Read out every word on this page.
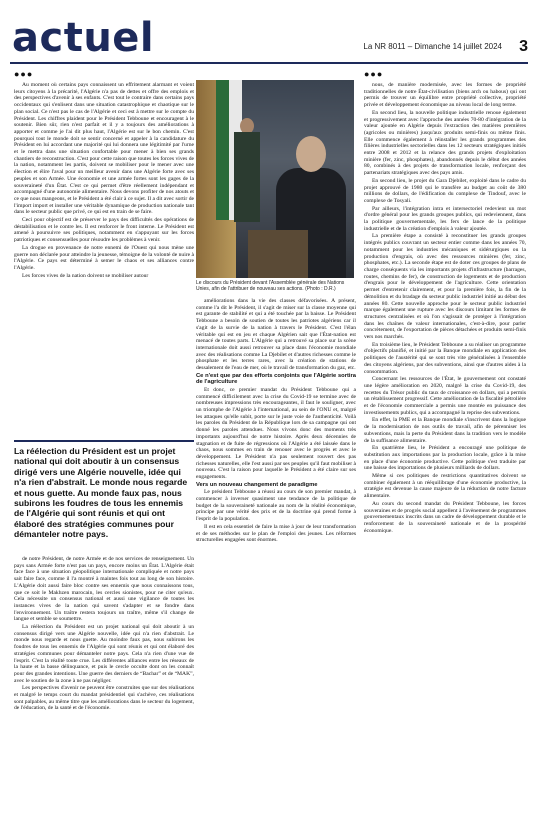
actuel	La NR 8011 – Dimanche 14 juillet 2024 3
●●●	●●●

Au moment où certains pays connaissent un effritement alarmant et voient leurs citoyens à la précarité, l'Algérie n'a pas de dettes et offre des emplois et des perspectives d'avenir à ses enfants. C'est tout le contraire dans certains pays occidentaux qui s'enlisent dans une situation catastrophique et chaotique sur le plan social. Ce n'est pas le cas de l'Algérie et ceci est à mettre sur le compte du Président. Les chiffres plaident pour le Président Tebboune et encouragent à le soutenir. Bien sûr, rien n'est parfait et il y a toujours des améliorations à apporter et comme je l'ai dit plus haut, l'Algérie est sur le bon chemin. C'est pourquoi tout le monde doit se sentir concerné et appeler à la candidature du Président en lui accordant une majorité qui lui donnera une légitimité par l'urne et le mettra dans une situation confortable pour mener à bien ses grands chantiers de reconstruction. C'est pour cette raison que toutes les forces vives de la nation, notamment les partis, doivent se mobiliser pour le mener avec une élection et élire l'aval pour un meilleur avenir dans une Algérie forte avec ses peuples et son Armée. Une économie et une armée fortes sont les gages de la souveraineté d'un État. C'est ce qui permet d'être réellement indépendant et accompagné d'une autonomie alimentaire. Nous devons profiter de nos atouts et ce que nous mangeons, et le Président a été clair à ce sujet. Il a dit avec sortir de l'import import et installer une véritable dynamique de production nationale tant dans le secteur public que privé, ce qui est en train de se faire.

Ceci pour objectif est de préserver le pays des difficultés des opérations de déstabilisation et le contre les. Il est renforcer le front interne. Le Président est amené à poursuivre ses politiques, notamment en s'appuyant sur les forces patriotiques et consensuelles pour résoudre les problèmes à venir.

La drogue en provenance de notre ennemi de l'Ouest qui nous mène une guerre non déclarée pour atteindre la jeunesse, témoigne de la volonté de nuire à l'Algérie. Ce pays est déterminé à semer le chaos et ses alliances contre l'Algérie.

Les forces vives de la nation doivent se mobiliser autour

Le discours du Président devant l'Assemblée générale des Nations Unies, afin de l'attribuer de nouveau ses actions. (Photo : D.R.)
La réélection du Président est un projet national qui doit aboutir à un consensus dirigé vers une Algérie nouvelle, idée qui n'a rien d'abstrait. Le monde nous regarde et nous guette. Au monde faux pas, nous subirons les foudres de tous les ennemis de l'Algérie qui sont réunis et qui ont élaboré des stratégies communes pour démanteler notre pays.

de notre Président, de notre Armée et de nos services de renseignement. Un pays sans Armée forte n'est pas un pays, encore moins un État. L'Algérie était face face à une situation géopolitique internationale compliquée et notre pays sait faire face, comme il l'a montré à maintes fois tout au long de son histoire. L'Algérie doit aussi faire bloc contre ses ennemis que nous connaissons tous, que ce soit le Makhzen marocain, les cercles sionistes, pour ne citer qu'eux. Cela nécessite un consensus national et aussi une vigilance de toutes les instances vives de la nation qui savent s'adapter et se fondre dans l'environnement. Un traître restera toujours un traître, même s'il change de langue et semble se soumettre.

La réélection du Président est un projet national qui doit aboutir à un consensus dirigé vers une Algérie nouvelle, idée qui n'a rien d'abstrait. Le monde nous regarde et nous guette. Au moindre faux pas, nous subirons les foudres de tous les ennemis de l'Algérie qui sont réunis et qui ont élaboré des stratégies communes pour démanteler notre pays. Cela n'a rien d'une vue de l'esprit. C'est la réalité toute crue. Les différentes alliances entre les réseaux de la haute et la basse délinquance, et puis le cercle occulte dont on les connaît pour des grandes intentions. Une guerre des derniers de “Bachar” et de “MAK”, avec le soutien de la zone à ne pas négliger.

Les perspectives d'avenir ne peuvent être construites que sur des réalisations et malgré le temps court du mandat présidentiel qui s'achève, ces réalisations sont palpables, au même titre que les améliorations dans le secteur du logement, de l'éducation, de la santé et de l'économie.

améliorations dans la vie des classes défavorisées. À présent, comme l'a dit le Président, il s'agit de miser sur la classe moyenne qui est garante de stabilité et qui a été touchée par la baisse. Le Président Tebboune a besoin de soutien de toutes les patriotes algériens car il s'agit de la survie de la nation à travers le Président. C'est l'élan véritable qui est en jeu et chaque Algérien sait que l'État-nation est menacé de toutes parts. L'Algérie qui a retrouvé sa place sur la scène internationale doit aussi retrouver sa place dans l'économie mondiale avec des réalisations comme La Djebilet et d'autres richesses comme le phosphate et les terres rares, avec la création de stations de dessalement de l'eau de mer, où le travail de transformation du gaz, etc.

Ce n'est que par des efforts conjoints que l'Algérie sortira de l'agriculture

Et donc, ce premier mandat du Président Tebboune qui a commencé difficilement avec la crise du Covid-19 se termine avec de nombreuses impressions très encourageantes, il faut le souligner, avec un triomphe de l'Algérie à l'international, au sein de l'ONU et, malgré les attaques qu'elle subit, porte sur le juste voie de l'authenticité. Voilà les paroles du Président de la République lors de sa campagne qui ont donné les paroles attendues. Nous vivons donc des moments très importants aujourd'hui de notre histoire. Après deux décennies de stagnation et de fuite de régressions où l'Algérie a été laissée dans le chaos, nous sommes en train de renouer avec le progrès et avec le développement. Le Président n'a pas seulement rouvert des pas richesses naturelles, elle l'est aussi par ses peuples qu'il faut mobiliser à nouveau. C'est la raison pour laquelle le Président a été claire sur ses engagements.

Vers un nouveau changement de paradigme

Le président Tebboune a réussi au cours de son premier mandat, à commencer à inverser quasiment une tendance de la politique de budget de la souveraineté nationale au nom de la réalité économique, principe par une vérité des prix et de la doctrine qui prend forme à l'esprit de la population.

Il est en cela essentiel de faire la mise à jour de leur transformation et de ses méthodes sur le plan de l'emploi des jeunes. Les réformes structurelles engagées sont énormes.

nous, de manière modernisée, avec les formes de propriété traditionnelles de notre État-civilisation (biens arch ou habous) qui ont permis de trouver un équilibre entre propriété collective, propriété privée et développement économique au niveau local de long terme.

En second lieu, la nouvelle politique industrielle renoue également et progressivement avec l'approche des années 70-80 d'intégration de la valeur ajoutée en Algérie depuis l'extraction des matières premières (agricoles ou minières) jusqu'aux produits semi-finis ou même finis. Elle commence également à réinstaller les grands programmes des filières industrielles sectorielles dans les 12 secteurs stratégiques initiés entre 2008 et 2012 et la relance des grands projets d'exploitation minière (fer, zinc, phosphates), abandonnés depuis le début des années 80, combinés à des projets de transformation locale, renforçant des partenariats stratégiques avec des pays amis.

En second lieu, le projet du Gara Djebilet, exploité dans le cadre du projet approuvé de 1980 qui le transfère au budget au coût de 380 millions de dollars, de l'édification du complexe de Tindouf, avec le complexe de Tosyali.

Par ailleurs, l'intégration intra et intersectoriel redevient un mot d'ordre général pour les grands groupes publics, qui redeviennent, dans la politique gouvernementale, les fers de lance de la politique industrielle et de la création d'emplois à valeur ajoutée.

La première étape a consisté à reconstituer les grands groupes intégrés publics couvrant un secteur entier comme dans les années 70, notamment pour les industries mécaniques et sidérurgiques ou la production d'engrais, où avec des ressources minières (fer, zinc, phosphates, etc.). La seconde étape est de doter ces groupes de plans de charge conséquents via les importants projets d'infrastructure (barrages, routes, chemins de fer), de construction de logements et de production d'engrais pour le développement de l'agriculture. Cette orientation permet d'entretenir clairement, et pour la première fois, la fin de la démolition et du bradage du secteur public industriel initié au début des années 80. Cette nouvelle approche pour le secteur public industriel marque également une rupture avec les discours limitant les formes de structures centralisées et où l'on s'agissait de protéger à l'intégration dans les chaînes de valeur internationales, c'est-à-dire, pour parler concrètement, de l'exportation de pièces détachées et produits semi-finis vers nos marchés.

En troisième lieu, le Président Tebboune a su réaliser un programme d'objectifs planifié, et initié par la Banque mondiale en application des politiques de l'austérité qui se sont très vite généralisées à l'ensemble des citoyens algériens, par des subventions, ainsi que d'autres aides à la consommation.

Concernant les ressources de l'État, le gouvernement ont constaté une légère amélioration en 2020, malgré la crise du Covid-19, des recettes du Trésor public du taux de croissance en dollars, qui a permis un rétablissement progressif. Cette amélioration de la fiscalité pétrolière et de l'économie commerciale a permis une montée en puissance des investissements publics, qui a accompagné la reprise des subventions.

En effet, la PME et la Banque mondiale s'inscrivent dans la logique de la modernisation de nos outils de travail, afin de pérenniser les subventions, mais la perte du Président dans la tradition vers le modèle de la suffisance alimentaire.

En quatrième lieu, le Président a encouragé une politique de substitution aux importations par la production locale, grâce à la mise en place d'une économie productive. Cette politique s'est traduite par une baisse des importations de plusieurs milliards de dollars.

Même si ces politiques de restrictions quantitatives doivent se combiner également à un rééquilibrage d'une économie productive, la stratégie est devenue la cause majeure de la réduction de notre facture alimentaire.

Au cours du second mandat du Président Tebboune, les forces souveraines et de progrès social appellent à l'avènement de programmes gouvernementaux inscrits dans un cadre de développement durable et le renforcement de la souveraineté nationale et de la prospérité économique.
